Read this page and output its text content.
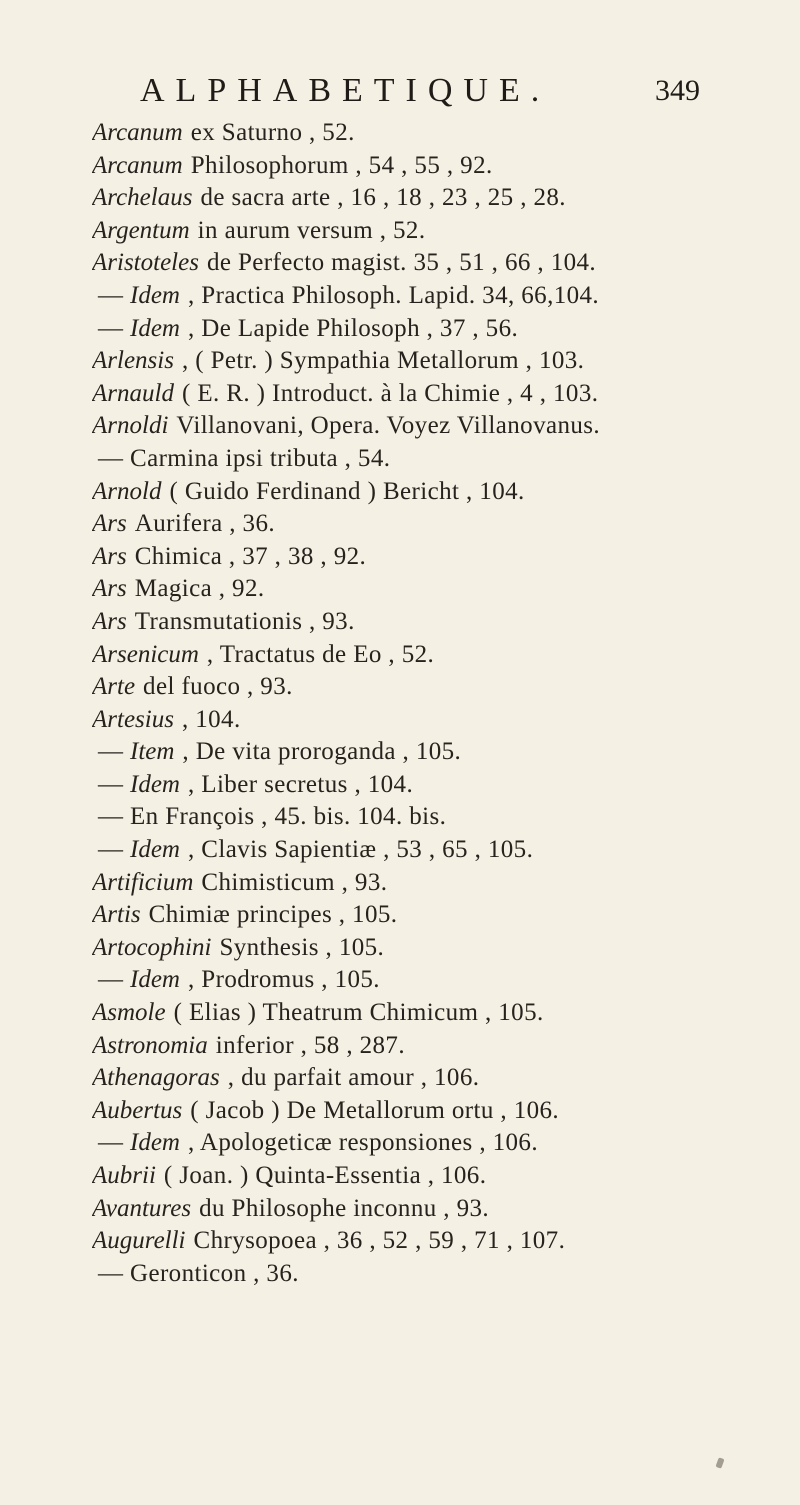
ALPHABETIQUE.	349
Arcanum ex Saturno , 52.
Arcanum Philosophorum , 54 , 55 , 92.
Archelaus de sacra arte , 16 , 18 , 23 , 25 , 28.
Argentum in aurum versum , 52.
Aristoteles de Perfecto magist. 35 , 51 , 66 , 104.
— Idem , Practica Philosoph. Lapid. 34, 66,104.
— Idem , De Lapide Philosoph , 37 , 56.
Arlensis , ( Petr. ) Sympathia Metallorum , 103.
Arnauld ( E. R. ) Introduct. à la Chimie , 4 , 103.
Arnoldi Villanovani, Opera. Voyez Villanovanus.
— Carmina ipsi tributa , 54.
Arnold ( Guido Ferdinand ) Bericht , 104.
Ars Aurifera , 36.
Ars Chimica , 37 , 38 , 92.
Ars Magica , 92.
Ars Transmutationis , 93.
Arsenicum , Tractatus de Eo , 52.
Arte del fuoco , 93.
Artesius , 104.
— Item , De vita proroganda , 105.
— Idem , Liber secretus , 104.
— En François , 45. bis. 104. bis.
— Idem , Clavis Sapientiæ , 53 , 65 , 105.
Artificium Chimisticum , 93.
Artis Chimiæ principes , 105.
Artocophini Synthesis , 105.
— Idem , Prodromus , 105.
Asmole ( Elias ) Theatrum Chimicum , 105.
Astronomia inferior , 58 , 287.
Athenagoras , du parfait amour , 106.
Aubertus ( Jacob ) De Metallorum ortu , 106.
— Idem , Apologeticæ responsiones , 106.
Aubrii ( Joan. ) Quinta-Essentia , 106.
Avantures du Philosophe inconnu , 93.
Augurelli Chrysopoea , 36 , 52 , 59 , 71 , 107.
— Geronticon , 36.
